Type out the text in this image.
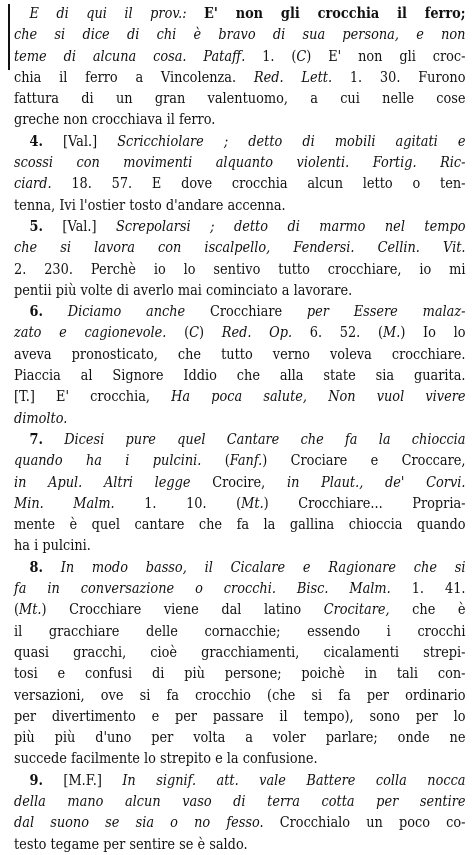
E di qui il prov.: E' non gli crocchia il ferro;
che si dice di chi è bravo di sua persona, e non
teme di alcuna cosa. Pataff. 1. (C) E' non gli croc-
chia il ferro a Vincolenza. Red. Lett. 1. 30. Furono
fattura di un gran valentuomo, a cui nelle cose
greche non crocchiava il ferro.
4. [Val.] Scricchiolare ; detto di mobili agitati e
scossi con movimenti alquanto violenti. Fortig. Ric-
ciard. 18. 57. E dove crocchia alcun letto o ten-
tenna, Ivi l'ostier tosto d'andare accenna.
5. [Val.] Screpolarsi ; detto di marmo nel tempo
che si lavora con iscalpello, Fendersi. Cellin. Vit.
2. 230. Perchè io lo sentivo tutto crocchiare, io mi
pentii più volte di averlo mai cominciato a lavorare.
6. Diciamo anche Crocchiare per Essere malaz-
zato e cagionevole. (C) Red. Op. 6. 52. (M.) Io lo
aveva pronosticato, che tutto verno voleva crocchiare.
Piaccia al Signore Iddio che alla state sia guarita.
[T.] E' crocchia, Ha poca salute, Non vuol vivere
dimolto.
7. Dicesi pure quel Cantare che fa la chioccia
quando ha i pulcini. (Fanf.) Crociare e Croccare,
in Apul. Altri legge Crocire, in Plaut., de' Corvi.
Min. Malm. 1. 10. (Mt.) Crocchiare... Propria-
mente è quel cantare che fa la gallina chioccia quando
ha i pulcini.
8. In modo basso, il Cicalare e Ragionare che si
fa in conversazione o crocchi. Bisc. Malm. 1. 41.
(Mt.) Crocchiare viene dal latino Crocitare, che è
il gracchiare delle cornacchie; essendo i crocchi
quasi gracchi, cioè gracchiamenti, cicalamenti strepi-
tosi e confusi di più persone; poichè in tali con-
versazioni, ove si fa crocchio (che si fa per ordinario
per divertimento e per passare il tempo), sono per lo
più più d'uno per volta a voler parlare; onde ne
succede facilmente lo strepito e la confusione.
9. [M.F.] In signif. att. vale Battere colla nocca
della mano alcun vaso di terra cotta per sentire
dal suono se sia o no fesso. Crocchialo un poco co-
testo tegame per sentire se è saldo.
